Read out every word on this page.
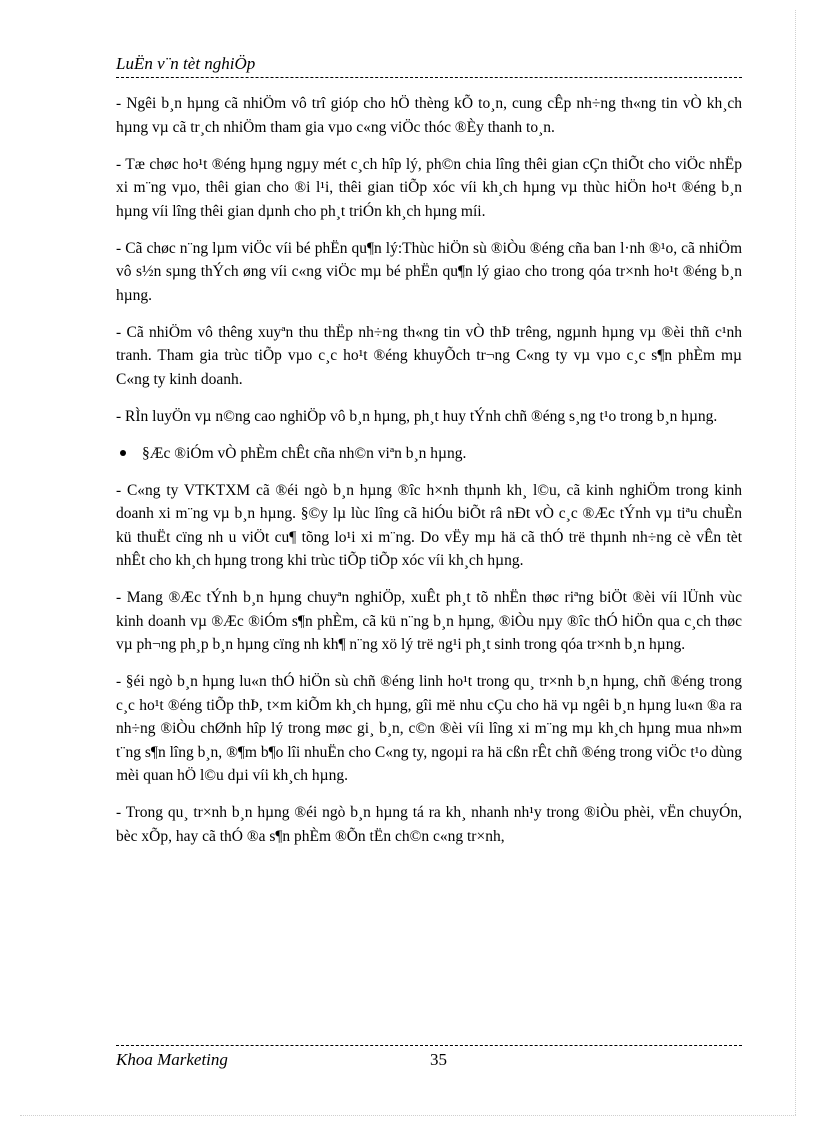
LuËn v¨n tèt nghiÖp

- Ngêi b¸n hµng cã nhiÖm vô trî gióp cho hÖ thèng kÕ to¸n, cung cÊp nh÷ng th«ng tin vÒ kh¸ch hµng vµ cã tr¸ch nhiÖm tham gia vµo c«ng viÖc thóc ®Èy thanh to¸n.

- Tæ chøc ho¹t ®éng hµng ngµy mét c¸ch hîp lý, ph©n chia lîng thêi gian cÇn thiÕt cho viÖc nhËp xi m¨ng vµo, thêi gian cho ®i l¹i, thêi gian tiÕp xóc víi kh¸ch hµng vµ thùc hiÖn ho¹t ®éng b¸n hµng víi lîng thêi gian dµnh cho ph¸t triÓn kh¸ch hµng míi.

- Cã chøc n¨ng lµm viÖc víi bé phËn qu¶n lý:Thùc hiÖn sù ®iÒu ®éng cña ban l·nh ®¹o, cã nhiÖm vô s½n sµng thÝch øng víi c«ng viÖc mµ bé phËn qu¶n lý giao cho trong qóa tr×nh ho¹t ®éng b¸n hµng.

- Cã nhiÖm vô thêng xuyªn thu thËp nh÷ng th«ng tin vÒ thÞ trêng, ngµnh hµng vµ ®èi thñ c¹nh tranh. Tham gia trùc tiÕp vµo c¸c ho¹t ®éng khuyÕch tr¬ng C«ng ty vµ vµo c¸c s¶n phÈm mµ C«ng ty kinh doanh.

- RÌn luyÖn vµ n©ng cao nghiÖp vô b¸n hµng, ph¸t huy tÝnh chñ ®éng s¸ng t¹o trong b¸n hµng.

§Æc ®iÓm vÒ phÈm chÊt cña nh©n viªn b¸n hµng.

- C«ng ty VTKTXM cã ®éi ngò b¸n hµng ®îc h×nh thµnh kh¸ l©u, cã kinh nghiÖm trong kinh doanh xi m¨ng vµ b¸n hµng. §©y lµ lùc lîng cã hiÓu biÕt râ nÐt vÒ c¸c ®Æc tÝnh vµ tiªu chuÈn kü thuËt cïng nh u viÖt cu¶ tõng lo¹i xi m¨ng. Do vËy mµ hä cã thÓ trë thµnh nh÷ng cè vÊn tèt nhÊt cho kh¸ch hµng trong khi trùc tiÕp tiÕp xóc víi kh¸ch hµng.

- Mang ®Æc tÝnh b¸n hµng chuyªn nghiÖp, xuÊt ph¸t tõ nhËn thøc riªng biÖt ®èi víi lÜnh vùc kinh doanh vµ ®Æc ®iÓm s¶n phÈm, cã kü n¨ng b¸n hµng, ®iÒu nµy ®îc thÓ hiÖn qua c¸ch thøc vµ ph¬ng ph¸p b¸n hµng cïng nh kh¶ n¨ng xö lý trë ng¹i ph¸t sinh trong qóa tr×nh b¸n hµng.

- §éi ngò b¸n hµng lu«n thÓ hiÖn sù chñ ®éng linh ho¹t trong qu¸ tr×nh b¸n hµng, chñ ®éng trong c¸c ho¹t ®éng tiÕp thÞ, t×m kiÕm kh¸ch hµng, gîi më nhu cÇu cho hä vµ ngêi b¸n hµng lu«n ®a ra nh÷ng ®iÒu chØnh hîp lý trong møc gi¸ b¸n, c©n ®èi víi lîng xi m¨ng mµ kh¸ch hµng mua nh»m t¨ng s¶n lîng b¸n, ®¶m b¶o lîi nhuËn cho C«ng ty, ngoµi ra hä cßn rÊt chñ ®éng trong viÖc t¹o dùng mèi quan hÖ l©u dµi víi kh¸ch hµng.

- Trong qu¸ tr×nh b¸n hµng ®éi ngò b¸n hµng tá ra kh¸ nhanh nh¹y trong ®iÒu phèi, vËn chuyÓn, bèc xÕp, hay cã thÓ ®a s¶n phÈm ®Õn tËn ch©n c«ng tr×nh,

Khoa Marketing	35
